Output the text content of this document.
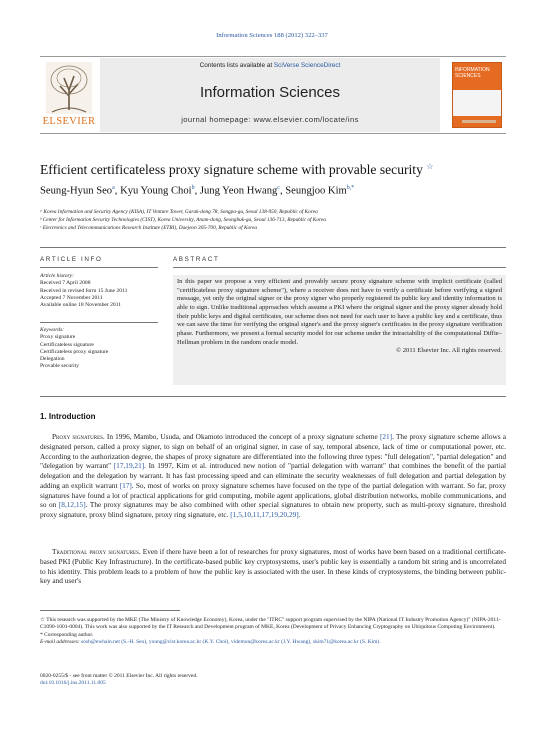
Information Sciences 188 (2012) 322–337
ELSEVIER
Contents lists available at SciVerse ScienceDirect
Information Sciences
journal homepage: www.elsevier.com/locate/ins
INFORMATION SCIENCES
Efficient certificateless proxy signature scheme with provable security ☆
Seung-Hyun Seo$^a$, Kyu Young Choi$^b$, Jung Yeon Hwang$^c$, Seungjoo Kim$^{b,*}$
ᵃ Korea Information and Security Agency (KISA), IT Venture Tower, Garak-dong 78, Songpa-gu, Seoul 138-950, Republic of Korea
ᵇ Center for Information Security Technologies (CIST), Korea University, Anam-dong, Seongbuk-gu, Seoul 136-713, Republic of Korea
ᶜ Electronics and Telecommunications Research Institute (ETRI), Daejeon 305-700, Republic of Korea
ARTICLE INFO
Article history:
Received 7 April 2008
Received in revised form 15 June 2011
Accepted 7 November 2011
Available online 18 November 2011
Keywords:
Proxy signature
Certificateless signature
Certificateless proxy signature
Delegation
Provable security
ABSTRACT
In this paper we propose a very efficient and provably secure proxy signature scheme with implicit certificate (called "certificateless proxy signature scheme"), where a receiver does not have to verify a certificate before verifying a signed message, yet only the original signer or the proxy signer who properly registered its public key and identity information is able to sign. Unlike traditional approaches which assume a PKI where the original signer and the proxy signer already hold their public keys and digital certificates, our scheme does not need for each user to have a public key and a certificate, thus we can save the time for verifying the original signer's and the proxy signer's certificates in the proxy signature verification phase. Furthermore, we present a formal security model for our scheme under the intractability of the computational Diffie–Hellman problem in the random oracle model.
© 2011 Elsevier Inc. All rights reserved.
1. Introduction
Proxy signatures. In 1996, Mambo, Usuda, and Okamoto introduced the concept of a proxy signature scheme [21]. The proxy signature scheme allows a designated person, called a proxy signer, to sign on behalf of an original signer, in case of say, temporal absence, lack of time or computational power, etc. According to the authorization degree, the shapes of proxy signature are differentiated into the following three types: "full delegation", "partial delegation" and "delegation by warrant" [17,19,21]. In 1997, Kim et al. introduced new notion of "partial delegation with warrant" that combines the benefit of the partial delegation and the delegation by warrant. It has fast processing speed and can eliminate the security weaknesses of full delegation and partial delegation by adding an explicit warrant [17]. So, most of works on proxy signature schemes have focused on the type of the partial delegation with warrant. So far, proxy signatures have found a lot of practical applications for grid computing, mobile agent applications, global distribution networks, mobile communications, and so on [8,12,15]. The proxy signatures may be also combined with other special signatures to obtain new property, such as multi-proxy signature, threshold proxy signature, proxy blind signature, proxy ring signature, etc. [1,5,10,11,17,19,20,29].
Traditional proxy signatures. Even if there have been a lot of researches for proxy signatures, most of works have been based on a traditional certificate-based PKI (Public Key Infrastructure). In the certificate-based public key cryptosystems, user's public key is essentially a random bit string and is uncorrelated to his identity. This problem leads to a problem of how the public key is associated with the user. In these kinds of cryptosystems, the binding between public-key and user's
☆ This research was supported by the MKE (The Ministry of Knowledge Economy), Korea, under the "ITRC" support program supervised by the NIPA (National IT Industry Promotion Agency)" (NIPA-2011-C1090-1001-0004). This work was also supported by the IT Research and Development program of MKE, Korea (Development of Privacy Enhancing Cryptography on Ubiquitous Computing Environment).
* Corresponding author.
E-mail addresses: sosh@ewhain.net (S.-H. Seo), young@cist.korea.ac.kr (K.Y. Choi), videmon@korea.ac.kr (J.Y. Hwang), skim71@korea.ac.kr (S. Kim).
0020-0255/$ - see front matter © 2011 Elsevier Inc. All rights reserved.
doi:10.1016/j.ins.2011.11.005
